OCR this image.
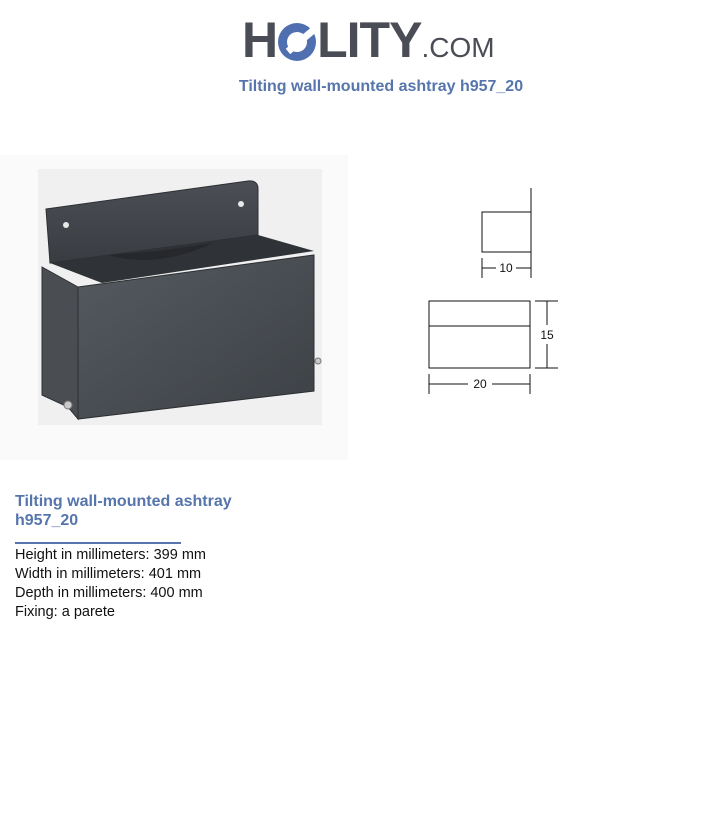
H LITY.COM
Tilting wall-mounted ashtray h957_20
10
15
20
Tilting wall-mounted ashtray
h957_20
Height in millimeters: 399 mm
Width in millimeters: 401 mm
Depth in millimeters: 400 mm
Fixing: a parete
